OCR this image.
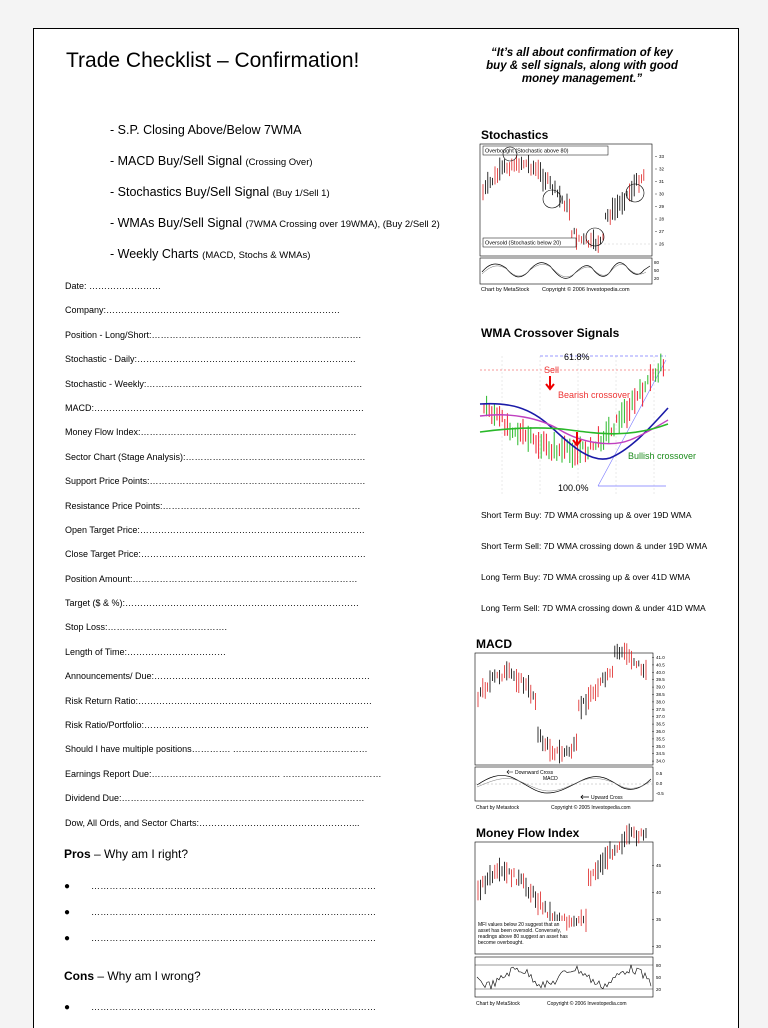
Trade Checklist – Confirmation!	“It’s all about confirmation of key buy & sell signals, along with good money management.”
- S.P. Closing Above/Below 7WMA
- MACD Buy/Sell Signal (Crossing Over)
- Stochastics Buy/Sell Signal (Buy 1/Sell 1)
- WMAs Buy/Sell Signal (7WMA Crossing over 19WMA), (Buy 2/Sell 2)
- Weekly Charts (MACD, Stochs & WMAs)
Date: ……………………
Company:……………………………………………………………………
Position - Long/Short:…………………………………………………………….
Stochastic - Daily:……………………………………………………………….
Stochastic - Weekly:………………………………………………………………
MACD:………………………………………………………………………………
Money Flow Index:………………………………………………………………
Sector Chart (Stage Analysis):……………………………………………………
Support Price Points:………………………………………………………………
Resistance Price Points:…………………………………………………………
Open Target Price:…………………………………………………………………
Close Target Price:…………………………………………………………………
Position Amount:…………………………………………………………………
Target ($ & %):……………………………………………………………………
Stop Loss:………………………………….
Length of Time:……………………………
Announcements/ Due:………………………………………………………………
Risk Return Ratio:……………………………………………………………………
Risk Ratio/Portfolio:…………………………………………………………………
Should I have multiple positions…………. ………………………………………
Earnings Report Due:……………………………………. ……………………………
Dividend Due:………………………………………………………………………
Dow, All Ords, and Sector Charts:……………………………………………...
Pros – Why am I right?
● …………………………………………………………………………………
● …………………………………………………………………………………
● …………………………………………………………………………………
Cons – Why am I wrong?
● …………………………………………………………………………………
Stochastics
Overbought (Stochastic above 80)
Oversold (Stochastic below 20)
33
32
31
30
29
28
27
26
80
50
20
Chart by MetaStock Copyright © 2006 Investopedia.com
WMA Crossover Signals
61.8%
100.0%
Sell
Bearish crossover
Bullish crossover
Short Term Buy: 7D WMA crossing up & over 19D WMA
Short Term Sell: 7D WMA crossing down & under 19D WMA
Long Term Buy: 7D WMA crossing up & over 41D WMA
Long Term Sell: 7D WMA crossing down & under 41D WMA
MACD
41.0
40.5
40.0
39.5
39.0
38.5
38.0
37.5
37.0
36.5
36.0
35.5
35.0
34.5
34.0
Downward Cross
MACD
Upward Cross
0.5
0.0
-0.5
Chart by Metastock	Copyright © 2005 Investopedia.com
Money Flow Index
45
40
35
30
MFI values below 20 suggest that an asset has been oversold. Conversely, readings above 80 suggest an asset has become overbought.
80
50
20
Chart by MetaStock	Copyright © 2006 Investopedia.com
